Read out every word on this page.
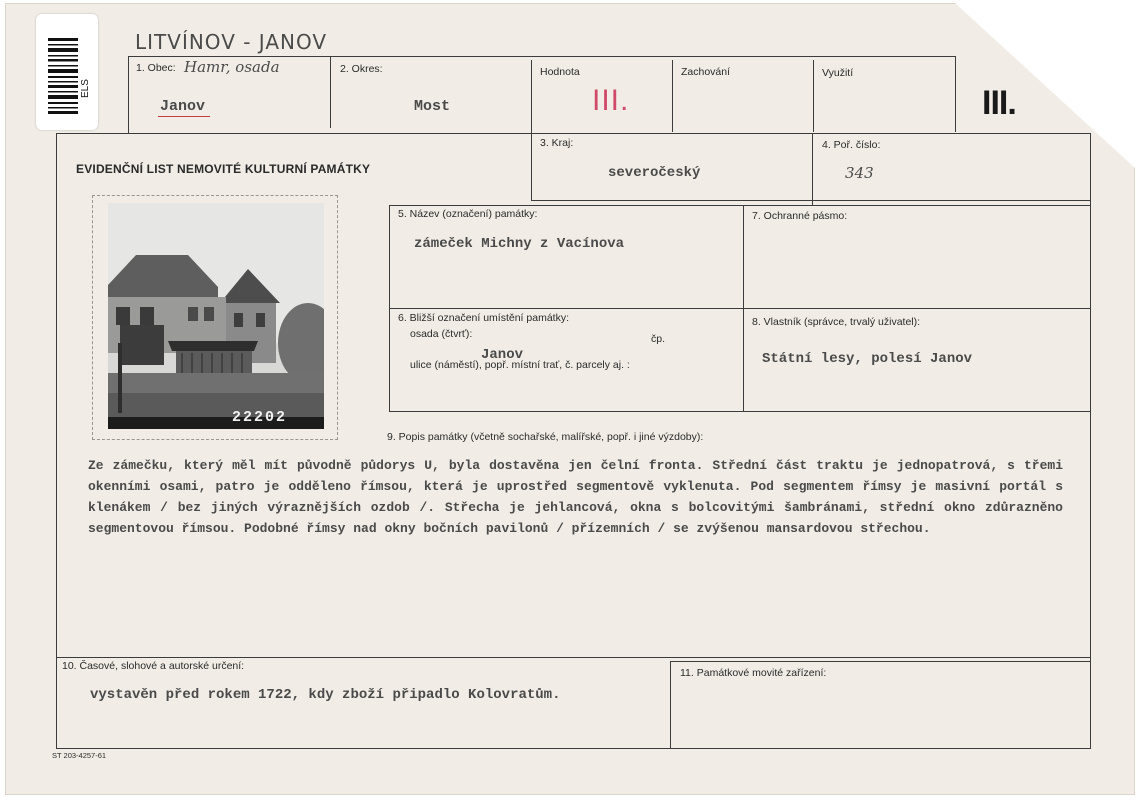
ELS
LITVÍNOV - JANOV
1. Obec: Hamr, osada
Janov
2. Okres:
Most
Hodnota
III.
Zachování	Využití
III.
EVIDENČNÍ LIST NEMOVITÉ KULTURNÍ PAMÁTKY
3. Kraj:
severočeský
4. Poř. číslo:
343
22202
5. Název (označení) památky:
zámeček Michny z Vacínova
7. Ochranné pásmo:
6. Bližší označení umístění památky:
osada (čtvrť):	čp.
ulice (náměstí), popř. místní trať, č. parcely aj. :
Janov
8. Vlastník (správce, trvalý uživatel):
Státní lesy, polesí Janov
9. Popis památky (včetně sochařské, malířské, popř. i jiné výzdoby):
Ze zámečku, který měl mít původně půdorys U, byla dostavěna jen čelní fronta. Střední část traktu je jednopatrová, s třemi okenními osami, patro je odděleno římsou, která je uprostřed segmentově vyklenuta. Pod segmentem římsy je masivní portál s klenákem / bez jiných výraznějších ozdob /. Střecha je jehlancová, okna s bolcovitými šambránami, střední okno zdůrazněno segmentovou římsou. Podobné římsy nad okny bočních pavilonů / přízemních / se zvýšenou mansardovou střechou.
10. Časové, slohové a autorské určení:
vystavěn před rokem 1722, kdy zboží připadlo Kolovratům.
11. Památkové movité zařízení:
ST 203-4257-61
